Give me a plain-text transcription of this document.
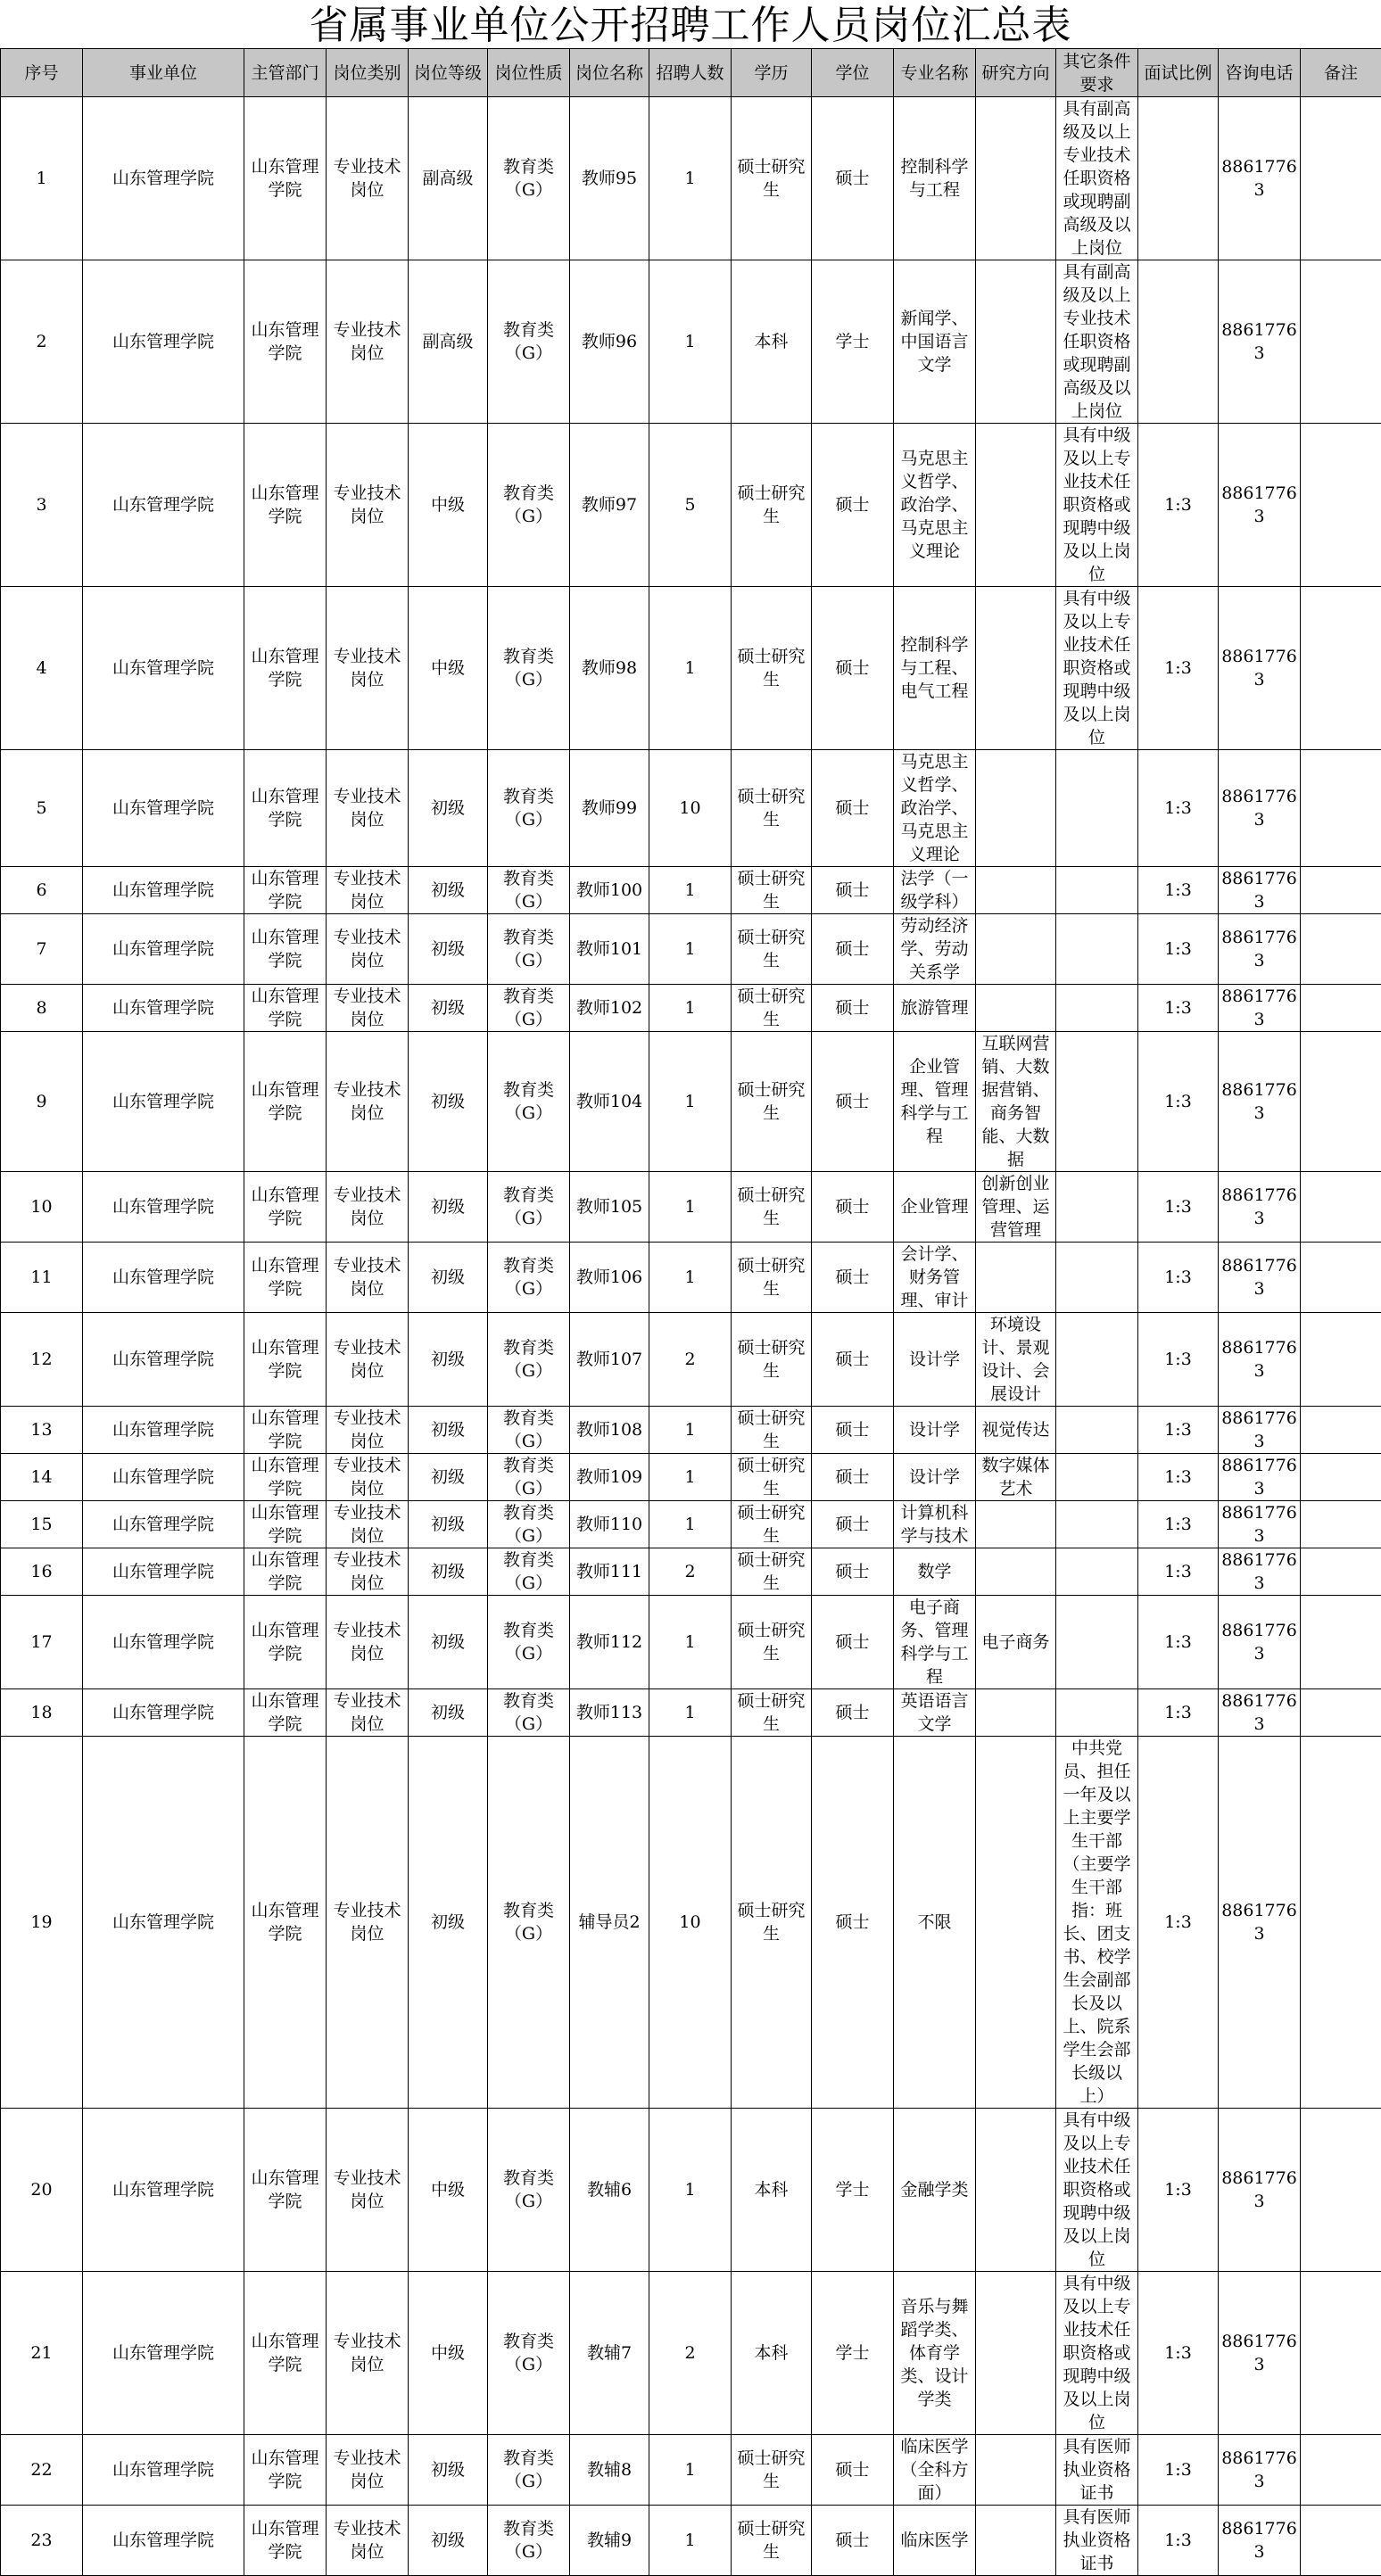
省属事业单位公开招聘工作人员岗位汇总表
序号	事业单位	主管部门	岗位类别	岗位等级	岗位性质	岗位名称	招聘人数	学历	学位	专业名称	研究方向	其它条件要求	面试比例	咨询电话	备注
1	山东管理学院	山东管理学院	专业技术岗位	副高级	教育类（G）	教师95	1	硕士研究生	硕士	控制科学与工程		具有副高级及以上专业技术任职资格或现聘副高级及以上岗位		88617763	
2	山东管理学院	山东管理学院	专业技术岗位	副高级	教育类（G）	教师96	1	本科	学士	新闻学、中国语言文学		具有副高级及以上专业技术任职资格或现聘副高级及以上岗位		88617763	
3	山东管理学院	山东管理学院	专业技术岗位	中级	教育类（G）	教师97	5	硕士研究生	硕士	马克思主义哲学、政治学、马克思主义理论		具有中级及以上专业技术任职资格或现聘中级及以上岗位	1:3	88617763	
4	山东管理学院	山东管理学院	专业技术岗位	中级	教育类（G）	教师98	1	硕士研究生	硕士	控制科学与工程、电气工程		具有中级及以上专业技术任职资格或现聘中级及以上岗位	1:3	88617763	
5	山东管理学院	山东管理学院	专业技术岗位	初级	教育类（G）	教师99	10	硕士研究生	硕士	马克思主义哲学、政治学、马克思主义理论			1:3	88617763	
6	山东管理学院	山东管理学院	专业技术岗位	初级	教育类（G）	教师100	1	硕士研究生	硕士	法学（一级学科）			1:3	88617763	
7	山东管理学院	山东管理学院	专业技术岗位	初级	教育类（G）	教师101	1	硕士研究生	硕士	劳动经济学、劳动关系学			1:3	88617763	
8	山东管理学院	山东管理学院	专业技术岗位	初级	教育类（G）	教师102	1	硕士研究生	硕士	旅游管理			1:3	88617763	
9	山东管理学院	山东管理学院	专业技术岗位	初级	教育类（G）	教师104	1	硕士研究生	硕士	企业管理、管理科学与工程	互联网营销、大数据营销、商务智能、大数据		1:3	88617763	
10	山东管理学院	山东管理学院	专业技术岗位	初级	教育类（G）	教师105	1	硕士研究生	硕士	企业管理	创新创业管理、运营管理		1:3	88617763	
11	山东管理学院	山东管理学院	专业技术岗位	初级	教育类（G）	教师106	1	硕士研究生	硕士	会计学、财务管理、审计			1:3	88617763	
12	山东管理学院	山东管理学院	专业技术岗位	初级	教育类（G）	教师107	2	硕士研究生	硕士	设计学	环境设计、景观设计、会展设计		1:3	88617763	
13	山东管理学院	山东管理学院	专业技术岗位	初级	教育类（G）	教师108	1	硕士研究生	硕士	设计学	视觉传达		1:3	88617763	
14	山东管理学院	山东管理学院	专业技术岗位	初级	教育类（G）	教师109	1	硕士研究生	硕士	设计学	数字媒体艺术		1:3	88617763	
15	山东管理学院	山东管理学院	专业技术岗位	初级	教育类（G）	教师110	1	硕士研究生	硕士	计算机科学与技术			1:3	88617763	
16	山东管理学院	山东管理学院	专业技术岗位	初级	教育类（G）	教师111	2	硕士研究生	硕士	数学			1:3	88617763	
17	山东管理学院	山东管理学院	专业技术岗位	初级	教育类（G）	教师112	1	硕士研究生	硕士	电子商务、管理科学与工程	电子商务		1:3	88617763	
18	山东管理学院	山东管理学院	专业技术岗位	初级	教育类（G）	教师113	1	硕士研究生	硕士	英语语言文学			1:3	88617763	
19	山东管理学院	山东管理学院	专业技术岗位	初级	教育类（G）	辅导员2	10	硕士研究生	硕士	不限		中共党员、担任一年及以上主要学生干部（主要学生干部指：班长、团支书、校学生会副部长及以上、院系学生会部长级以上）	1:3	88617763	
20	山东管理学院	山东管理学院	专业技术岗位	中级	教育类（G）	教辅6	1	本科	学士	金融学类		具有中级及以上专业技术任职资格或现聘中级及以上岗位	1:3	88617763	
21	山东管理学院	山东管理学院	专业技术岗位	中级	教育类（G）	教辅7	2	本科	学士	音乐与舞蹈学类、体育学类、设计学类		具有中级及以上专业技术任职资格或现聘中级及以上岗位	1:3	88617763	
22	山东管理学院	山东管理学院	专业技术岗位	初级	教育类（G）	教辅8	1	硕士研究生	硕士	临床医学（全科方面）		具有医师执业资格证书	1:3	88617763	
23	山东管理学院	山东管理学院	专业技术岗位	初级	教育类（G）	教辅9	1	硕士研究生	硕士	临床医学		具有医师执业资格证书	1:3	88617763	
